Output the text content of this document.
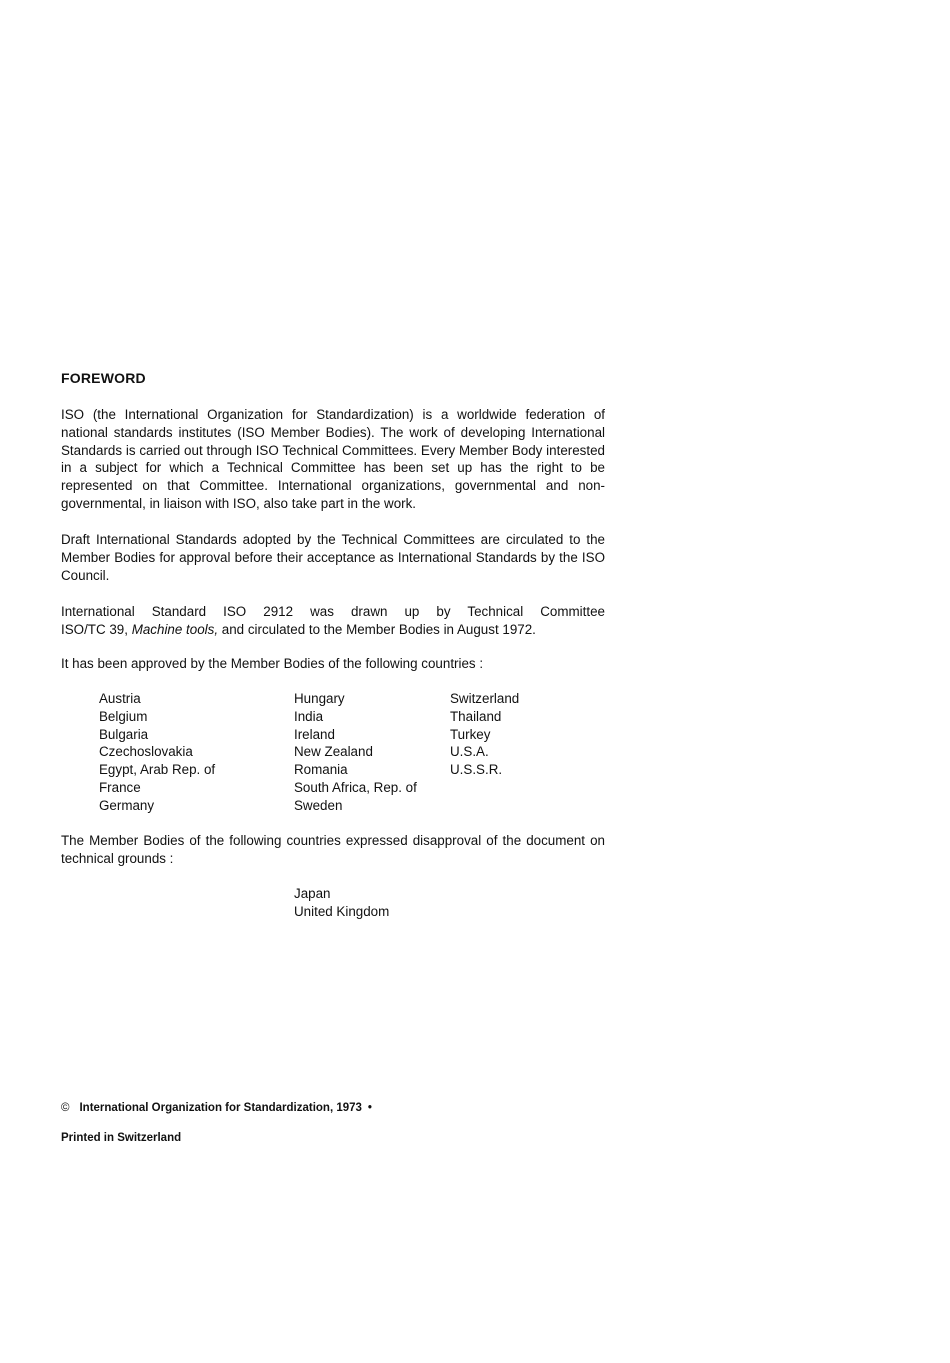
FOREWORD

ISO (the International Organization for Standardization) is a worldwide federation of national standards institutes (ISO Member Bodies). The work of developing International Standards is carried out through ISO Technical Committees. Every Member Body interested in a subject for which a Technical Committee has been set up has the right to be represented on that Committee. International organizations, governmental and non-governmental, in liaison with ISO, also take part in the work.

Draft International Standards adopted by the Technical Committees are circulated to the Member Bodies for approval before their acceptance as International Standards by the ISO Council.

International Standard ISO 2912 was drawn up by Technical Committee
ISO/TC 39, Machine tools, and circulated to the Member Bodies in August 1972.

It has been approved by the Member Bodies of the following countries :

Austria
Belgium
Bulgaria
Czechoslovakia
Egypt, Arab Rep. of
France
Germany
Hungary
India
Ireland
New Zealand
Romania
South Africa, Rep. of
Sweden
Switzerland
Thailand
Turkey
U.S.A.
U.S.S.R.

The Member Bodies of the following countries expressed disapproval of the document on technical grounds :

Japan
United Kingdom
© International Organization for Standardization, 1973 •
Printed in Switzerland
